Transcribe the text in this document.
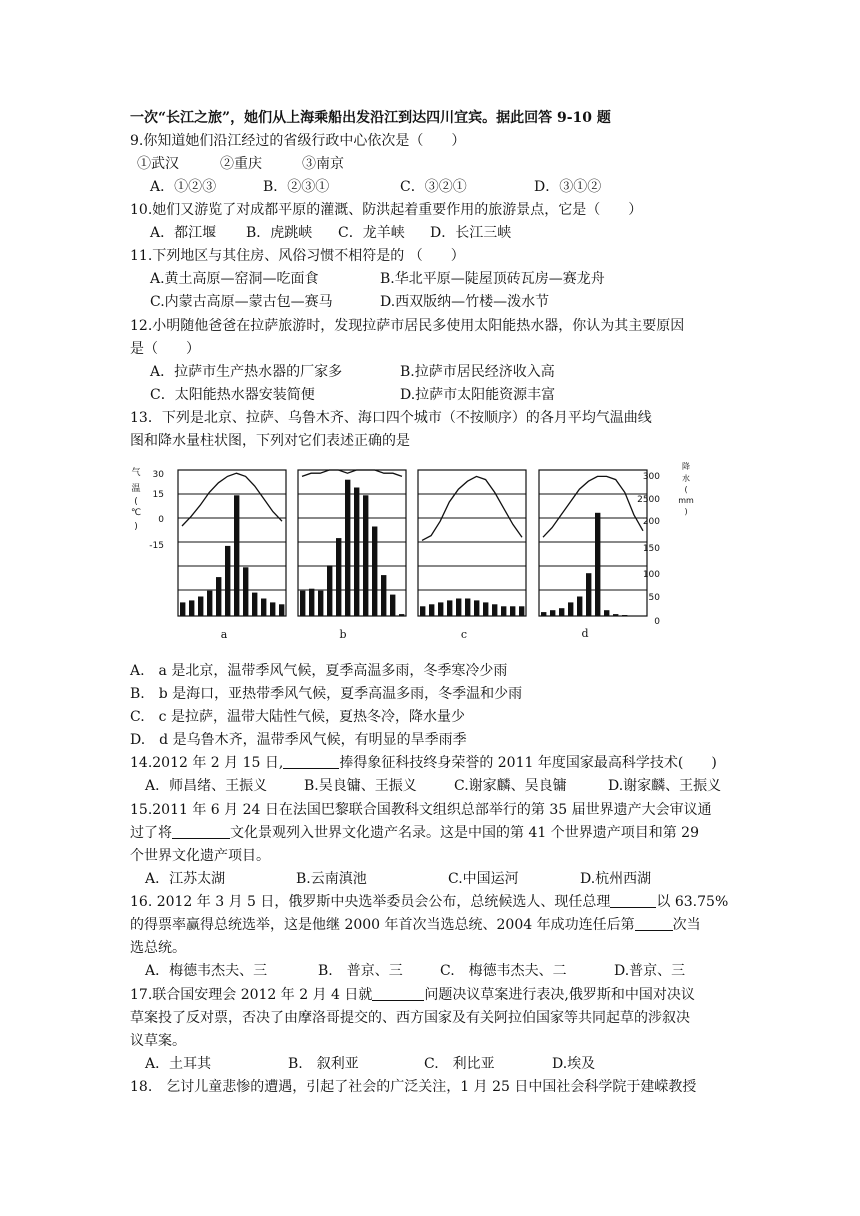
一次“长江之旅”，她们从上海乘船出发沿江到达四川宜宾。据此回答 9-10 题
9.你知道她们沿江经过的省级行政中心依次是（　　）
①武汉	②重庆	③南京
A．①②③	B．②③①	C．③②①	D．③①②
10.她们又游览了对成都平原的灌溉、防洪起着重要作用的旅游景点，它是（　　）
A．都江堰 B．虎跳峡 C．龙羊峡 D．长江三峡
11.下列地区与其住房、风俗习惯不相符是的 （　　）
A.黄土高原—窑洞—吃面食	B.华北平原—陡屋顶砖瓦房—赛龙舟
C.内蒙古高原—蒙古包—赛马	D.西双版纳—竹楼—泼水节
12.小明随他爸爸在拉萨旅游时，发现拉萨市居民多使用太阳能热水器，你认为其主要原因
是（　　）
A．拉萨市生产热水器的厂家多	B.拉萨市居民经济收入高
C．太阳能热水器安装简便	D.拉萨市太阳能资源丰富
13．下列是北京、拉萨、乌鲁木齐、海口四个城市（不按顺序）的各月平均气温曲线
图和降水量柱状图，下列对它们表述正确的是
a	b	c	d
气
温
(
℃
)
30
15
0
-15
300
2500
200
150
100
50
0
降
水
(
mm
)
A.　a 是北京，温带季风气候，夏季高温多雨，冬季寒冷少雨
B.　b 是海口，亚热带季风气候，夏季高温多雨，冬季温和少雨
C.　c 是拉萨，温带大陆性气候，夏热冬冷，降水量少
D.　d 是乌鲁木齐，温带季风气候，有明显的旱季雨季
14.2012 年 2 月 15 日,	捧得象征科技终身荣誉的 2011 年度国家最高科学技术(　　)
A．师昌绪、王振义	B.吴良镛、王振义	C.谢家麟、吴良镛	D.谢家麟、王振义
15.2011 年 6 月 24 日在法国巴黎联合国教科文组织总部举行的第 35 届世界遗产大会审议通
过了将	文化景观列入世界文化遗产名录。这是中国的第 41 个世界遗产项目和第 29
个世界文化遗产项目。
A．江苏太湖	B.云南滇池	C.中国运河	D.杭州西湖
16. 2012 年 3 月 5 日，俄罗斯中央选举委员会公布，总统候选人、现任总理	以 63.75%
的得票率赢得总统选举，这是他继 2000 年首次当选总统、2004 年成功连任后第	次当
选总统。
A．梅德韦杰夫、三	B.　普京、三	C.　梅德韦杰夫、二	D.普京、三
17.联合国安理会 2012 年 2 月 4 日就	问题决议草案进行表决,俄罗斯和中国对决议
草案投了反对票，否决了由摩洛哥提交的、西方国家及有关阿拉伯国家等共同起草的涉叙决
议草案。
A．土耳其	B.　叙利亚	C.　利比亚	D.埃及
18.　乞讨儿童悲惨的遭遇，引起了社会的广泛关注，1 月 25 日中国社会科学院于建嵘教授
